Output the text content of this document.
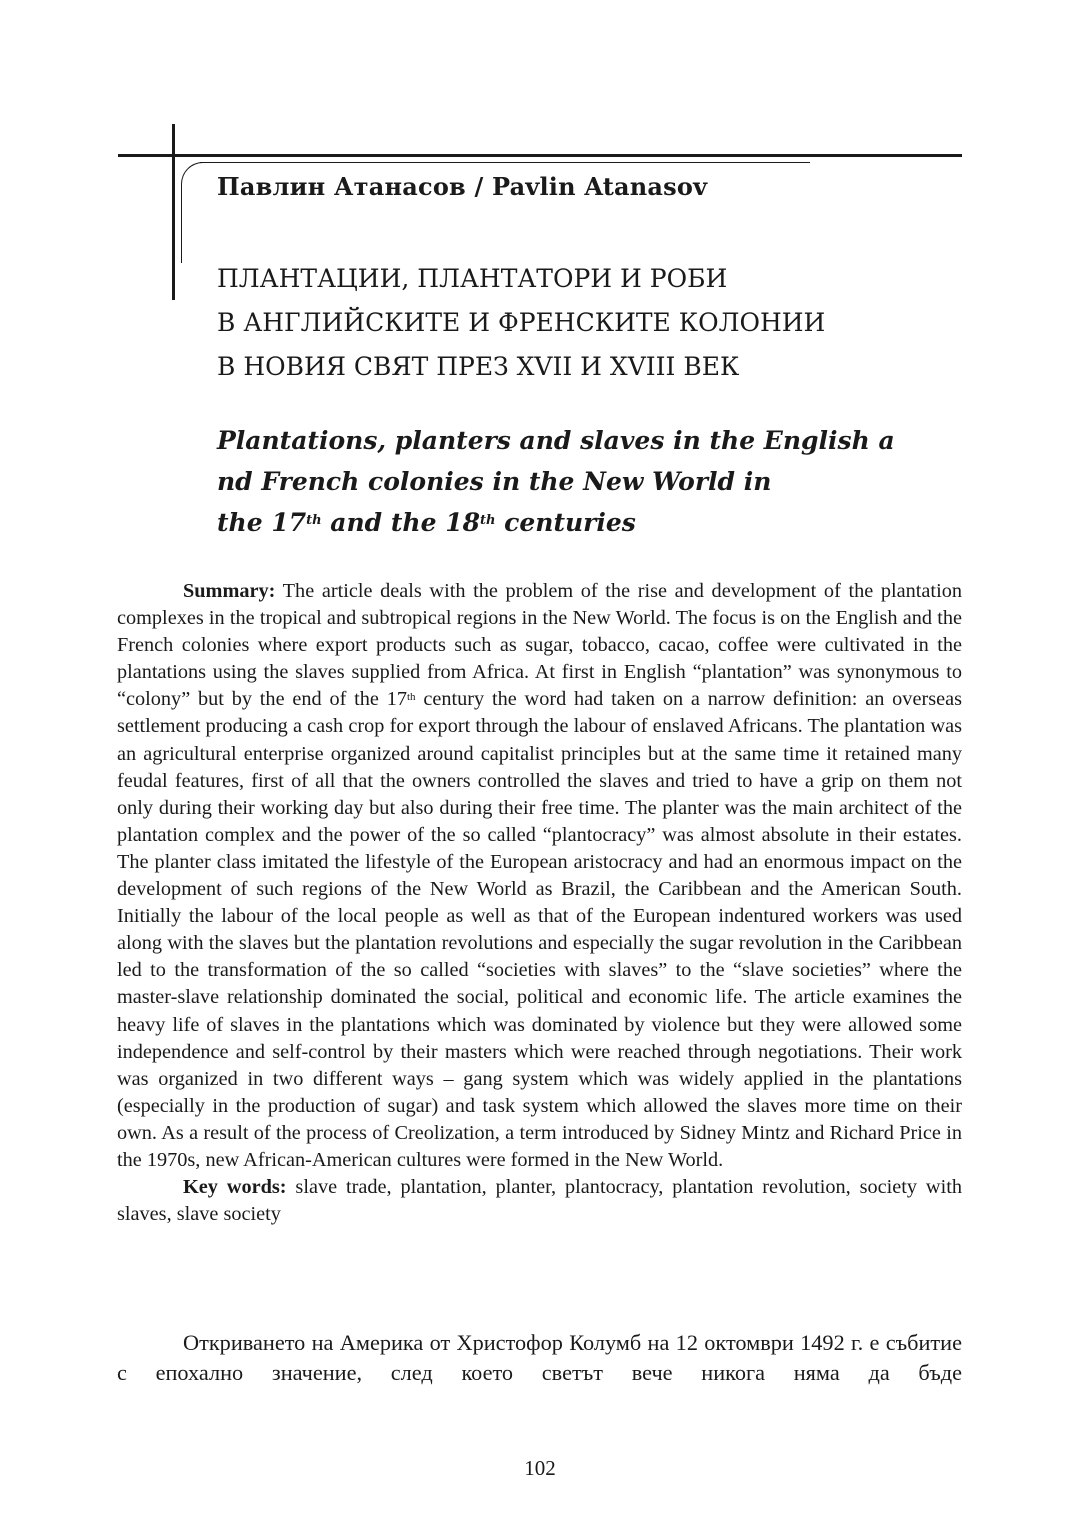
Павлин Атанасов / Pavlin Atanasov
ПЛАНТАЦИИ, ПЛАНТАТОРИ И РОБИ
В АНГЛИЙСКИТЕ И ФРЕНСКИТЕ КОЛОНИИ
В НОВИЯ СВЯТ ПРЕЗ XVII И XVIII ВЕК
Plantations, planters and slaves in the English a
nd French colonies in the New World in
the 17th and the 18th centuries

Summary: The article deals with the problem of the rise and development of the plantation complexes in the tropical and subtropical regions in the New World. The focus is on the English and the French colonies where export products such as sugar, tobacco, cacao, coffee were cultivated in the plantations using the slaves supplied from Africa. At first in English “plantation” was synonymous to “colony” but by the end of the 17th century the word had taken on a narrow definition: an overseas settlement producing a cash crop for export through the labour of enslaved Africans. The plantation was an agricultural enterprise organized around capitalist principles but at the same time it retained many feudal features, first of all that the owners controlled the slaves and tried to have a grip on them not only during their working day but also during their free time. The planter was the main architect of the plantation complex and the power of the so called “plantocracy” was almost absolute in their estates. The planter class imitated the lifestyle of the European aristocracy and had an enormous impact on the development of such regions of the New World as Brazil, the Caribbean and the American South. Initially the labour of the local people as well as that of the European indentured workers was used along with the slaves but the plantation revolutions and especially the sugar revolution in the Caribbean led to the transformation of the so called “societies with slaves” to the “slave societies” where the master-slave relationship dominated the social, political and economic life. The article examines the heavy life of slaves in the plantations which was dominated by violence but they were allowed some independence and self-control by their masters which were reached through negotiations. Their work was organized in two different ways – gang system which was widely applied in the plantations (especially in the production of sugar) and task system which allowed the slaves more time on their own. As a result of the process of Creolization, a term introduced by Sidney Mintz and Richard Price in the 1970s, new African-American cultures were formed in the New World.

Key words: slave trade, plantation, planter, plantocracy, plantation revolution, society with slaves, slave society

Откриването на Америка от Христофор Колумб на 12 октомври 1492 г. е събитие с епохално значение, след което светът вече никога няма да бъде

102
